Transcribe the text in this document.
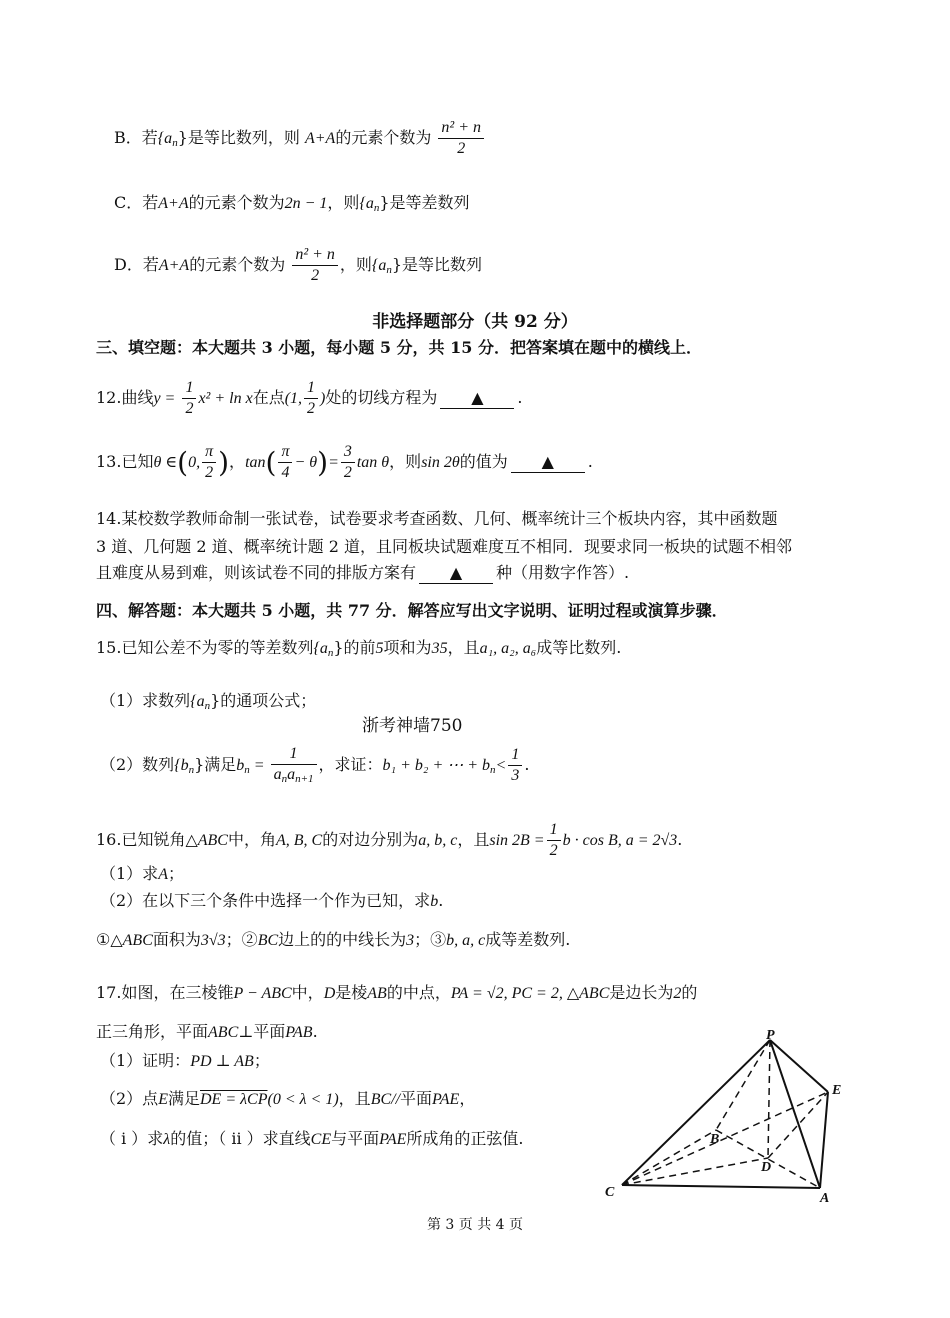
B．若$\{a_n\}$是等比数列，则 A+A的元素个数为 $\frac{\text{n² + n}}{2}$
C．若A+A的元素个数为2n − 1，则$\{a_n\}$是等差数列
D．若A+A的元素个数为 $\frac{\text{n² + n}}{2}$ ，则$\{a_n\}$是等比数列
非选择题部分（共 92 分）
三、填空题：本大题共 3 小题，每小题 5 分，共 15 分．把答案填在题中的横线上．
12.曲线$y = \frac{1}{2} x^2 + \ln x$在点(1, $\frac{1}{2}$ )处的切线方程为 ▲ .
13.已知θ ∈(0, $\frac{\pi}{2}$ )，$\tan( \frac{\pi}{4} - \theta)= \frac{3}{2}$ tan θ，则sin 2θ的值为 ▲ .
14.某校数学教师命制一张试卷，试卷要求考查函数、几何、概率统计三个板块内容，其中函数题
3 道、几何题 2 道、概率统计题 2 道，且同板块试题难度互不相同．现要求同一板块的试题不相邻
且难度从易到难，则该试卷不同的排版方案有 ▲ 种（用数字作答）.
四、解答题：本大题共 5 小题，共 77 分．解答应写出文字说明、证明过程或演算步骤．
15.已知公差不为零的等差数列$\{a_n\}$的前5项和为35，且a₁, a₂, a₆成等比数列.
（1）求数列$\{a_n\}$的通项公式；
浙考神墙750
（2）数列$\{b_n\}$满足$b_n = \frac{1}{a_na_{n+1}}$ ，求证：b₁ + b₂ + ⋯ + $b_n< \frac{1}{3}$ .
16.已知锐角△ABC中，角A, B, C的对边分别为a, b, c，且$\sin 2B = \frac{1}{2}$ b · cos B, a = 2√3.
（1）求A；
（2）在以下三个条件中选择一个作为已知，求b.
①△ABC面积为3√3；②BC边上的的中线长为3；③b, a, c成等差数列.
17.如图，在三棱锥P − ABC中，D是棱AB的中点，PA = √2, PC = 2, △ABC是边长为2的
正三角形，平面ABC⊥平面PAB.
（1）证明：PD ⊥ AB；
（2）点E满足DE = λCP(0 < λ < 1)，且BC//平面PAE，
（ i ）求λ的值；（ ii ）求直线CE与平面PAE所成角的正弦值.
P
E
B
D
C	A
第 3 页 共 4 页
